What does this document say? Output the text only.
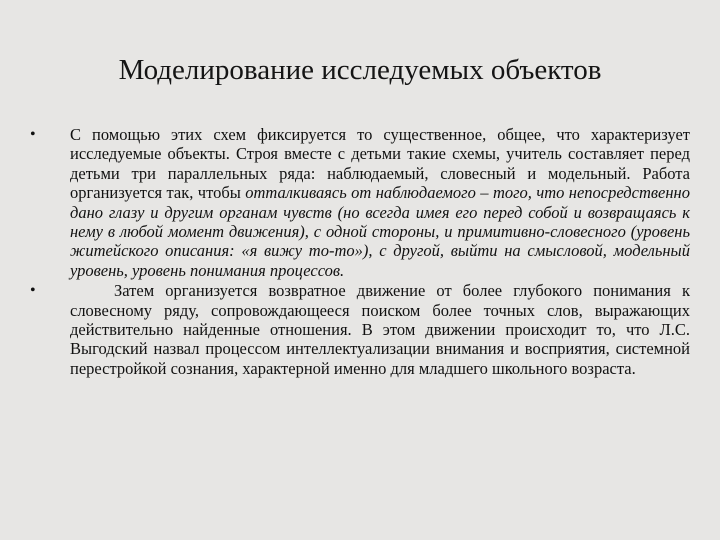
Моделирование исследуемых объектов
•	С помощью этих схем фиксируется то существенное, общее, что характеризует исследуемые объекты. Строя вместе с детьми такие схемы, учитель составляет перед детьми три параллельных ряда: наблюдаемый, словесный и модельный. Работа организуется так, чтобы отталкиваясь от наблюдаемого – того, что непосредственно дано глазу и другим органам чувств (но всегда имея его перед собой и возвращаясь к нему в любой момент движения), с одной стороны, и примитивно-словесного (уровень житейского описания: «я вижу то-то»), с другой, выйти на смысловой, модельный уровень, уровень понимания процессов.
•	Затем организуется возвратное движение от более глубокого понимания к словесному ряду, сопровождающееся поиском более точных слов, выражающих действительно найденные отношения. В этом движении происходит то, что Л.С. Выгодский назвал процессом интеллектуализации внимания и восприятия, системной перестройкой сознания, характерной именно для младшего школьного возраста.
